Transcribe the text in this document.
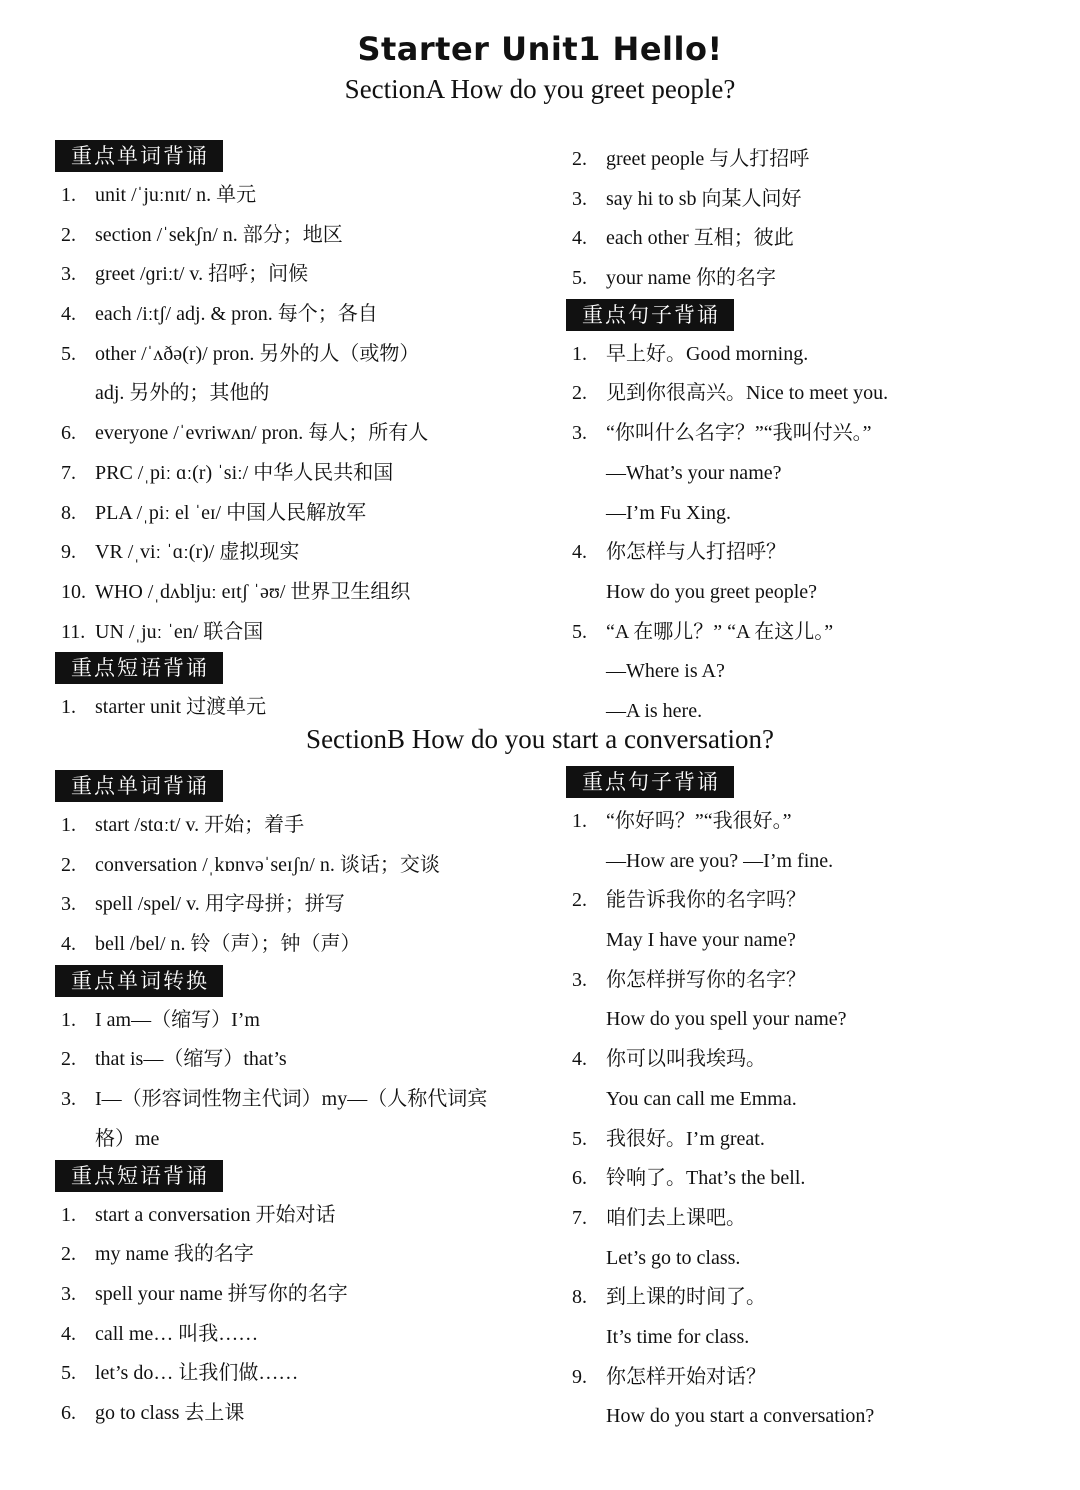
Starter Unit1 Hello!
SectionA How do you greet people?
重点单词背诵
1. unit /ˈjuːnɪt/ n. 单元
2. section /ˈsekʃn/ n. 部分；地区
3. greet /ɡriːt/ v. 招呼；问候
4. each /iːtʃ/ adj. & pron. 每个；各自
5. other /ˈʌðə(r)/ pron. 另外的人（或物）
adj. 另外的；其他的
6. everyone /ˈevriwʌn/ pron. 每人；所有人
7. PRC /ˌpiː ɑː(r) ˈsiː/ 中华人民共和国
8. PLA /ˌpiː el ˈeɪ/ 中国人民解放军
9. VR /ˌviː ˈɑː(r)/ 虚拟现实
10. WHO /ˌdʌbljuː eɪtʃ ˈəʊ/ 世界卫生组织
11. UN /ˌjuː ˈen/ 联合国
重点短语背诵
1. starter unit 过渡单元
2. greet people 与人打招呼
3. say hi to sb 向某人问好
4. each other 互相；彼此
5. your name 你的名字
重点句子背诵
1. 早上好。Good morning.
2. 见到你很高兴。Nice to meet you.
3. “你叫什么名字？”“我叫付兴。”
—What’s your name?
—I’m Fu Xing.
4. 你怎样与人打招呼？
How do you greet people?
5. “A 在哪儿？” “A 在这儿。”
—Where is A?
—A is here.
SectionB How do you start a conversation?
重点单词背诵
1. start /stɑːt/ v. 开始；着手
2. conversation /ˌkɒnvəˈseɪʃn/ n. 谈话；交谈
3. spell /spel/ v. 用字母拼；拼写
4. bell /bel/ n. 铃（声）；钟（声）
重点单词转换
1. I am—（缩写）I’m
2. that is—（缩写）that’s
3. I—（形容词性物主代词）my—（人称代词宾
格）me
重点短语背诵
1. start a conversation 开始对话
2. my name 我的名字
3. spell your name 拼写你的名字
4. call me… 叫我……
5. let’s do… 让我们做……
6. go to class 去上课
重点句子背诵
1. “你好吗？”“我很好。”
—How are you? —I’m fine.
2. 能告诉我你的名字吗？
May I have your name?
3. 你怎样拼写你的名字？
How do you spell your name?
4. 你可以叫我埃玛。
You can call me Emma.
5. 我很好。I’m great.
6. 铃响了。That’s the bell.
7. 咱们去上课吧。
Let’s go to class.
8. 到上课的时间了。
It’s time for class.
9. 你怎样开始对话？
How do you start a conversation?
